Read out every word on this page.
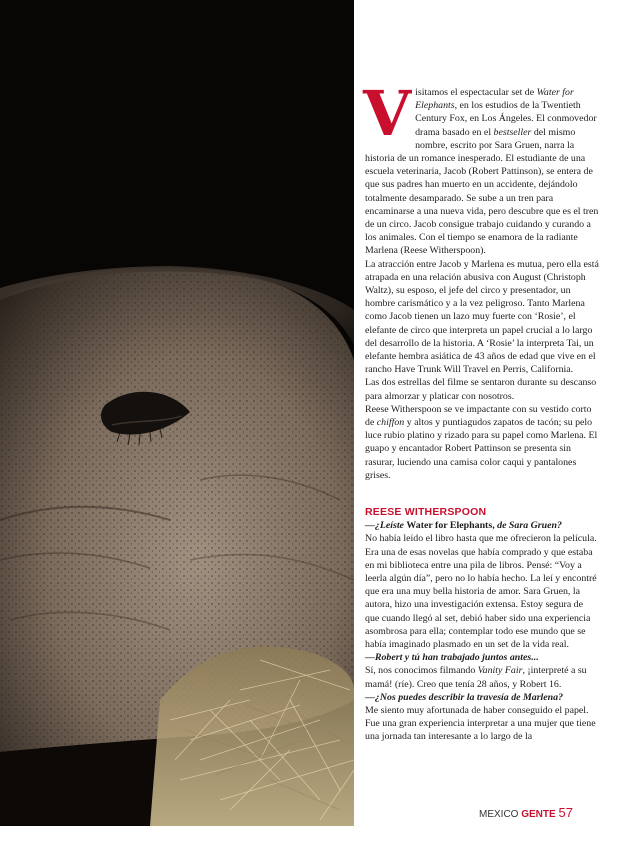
V isitamos el espectacular set de Water for Elephants, en los estudios de la Twentieth Century Fox, en Los Ángeles. El conmovedor drama basado en el bestseller del mismo nombre, escrito por Sara Gruen, narra la historia de un romance inesperado. El estudiante de una escuela veterinaria, Jacob (Robert Pattinson), se entera de que sus padres han muerto en un accidente, dejándolo totalmente desamparado. Se sube a un tren para encaminarse a una nueva vida, pero descubre que es el tren de un circo. Jacob consigue trabajo cuidando y curando a los animales. Con el tiempo se enamora de la radiante Marlena (Reese Witherspoon).

La atracción entre Jacob y Marlena es mutua, pero ella está atrapada en una relación abusiva con August (Christoph Waltz), su esposo, el jefe del circo y presentador, un hombre carismático y a la vez peligroso. Tanto Marlena como Jacob tienen un lazo muy fuerte con ‘Rosie’, el elefante de circo que interpreta un papel crucial a lo largo del desarrollo de la historia. A ‘Rosie’ la interpreta Tai, un elefante hembra asiática de 43 años de edad que vive en el rancho Have Trunk Will Travel en Perris, California.

Las dos estrellas del filme se sentaron durante su descanso para almorzar y platicar con nosotros.

Reese Witherspoon se ve impactante con su vestido corto de chiffon y altos y puntiagudos zapatos de tacón; su pelo luce rubio platino y rizado para su papel como Marlena. El guapo y encantador Robert Pattinson se presenta sin rasurar, luciendo una camisa color caqui y pantalones grises.

REESE WITHERSPOON

—¿Leíste Water for Elephants, de Sara Gruen?

No había leído el libro hasta que me ofrecieron la película. Era una de esas novelas que había comprado y que estaba en mi biblioteca entre una pila de libros. Pensé: “Voy a leerla algún día”, pero no lo había hecho. La leí y encontré que era una muy bella historia de amor. Sara Gruen, la autora, hizo una investigación extensa. Estoy segura de que cuando llegó al set, debió haber sido una experiencia asombrosa para ella; contemplar todo ese mundo que se había imaginado plasmado en un set de la vida real.

—Robert y tú han trabajado juntos antes...

Sí, nos conocimos filmando Vanity Fair, ¡interpreté a su mamá! (ríe). Creo que tenía 28 años, y Robert 16.

—¿Nos puedes describir la travesía de Marlena?

Me siento muy afortunada de haber conseguido el papel. Fue una gran experiencia interpretar a una mujer que tiene una jornada tan interesante a lo largo de la

MEXICO GENTE 57
